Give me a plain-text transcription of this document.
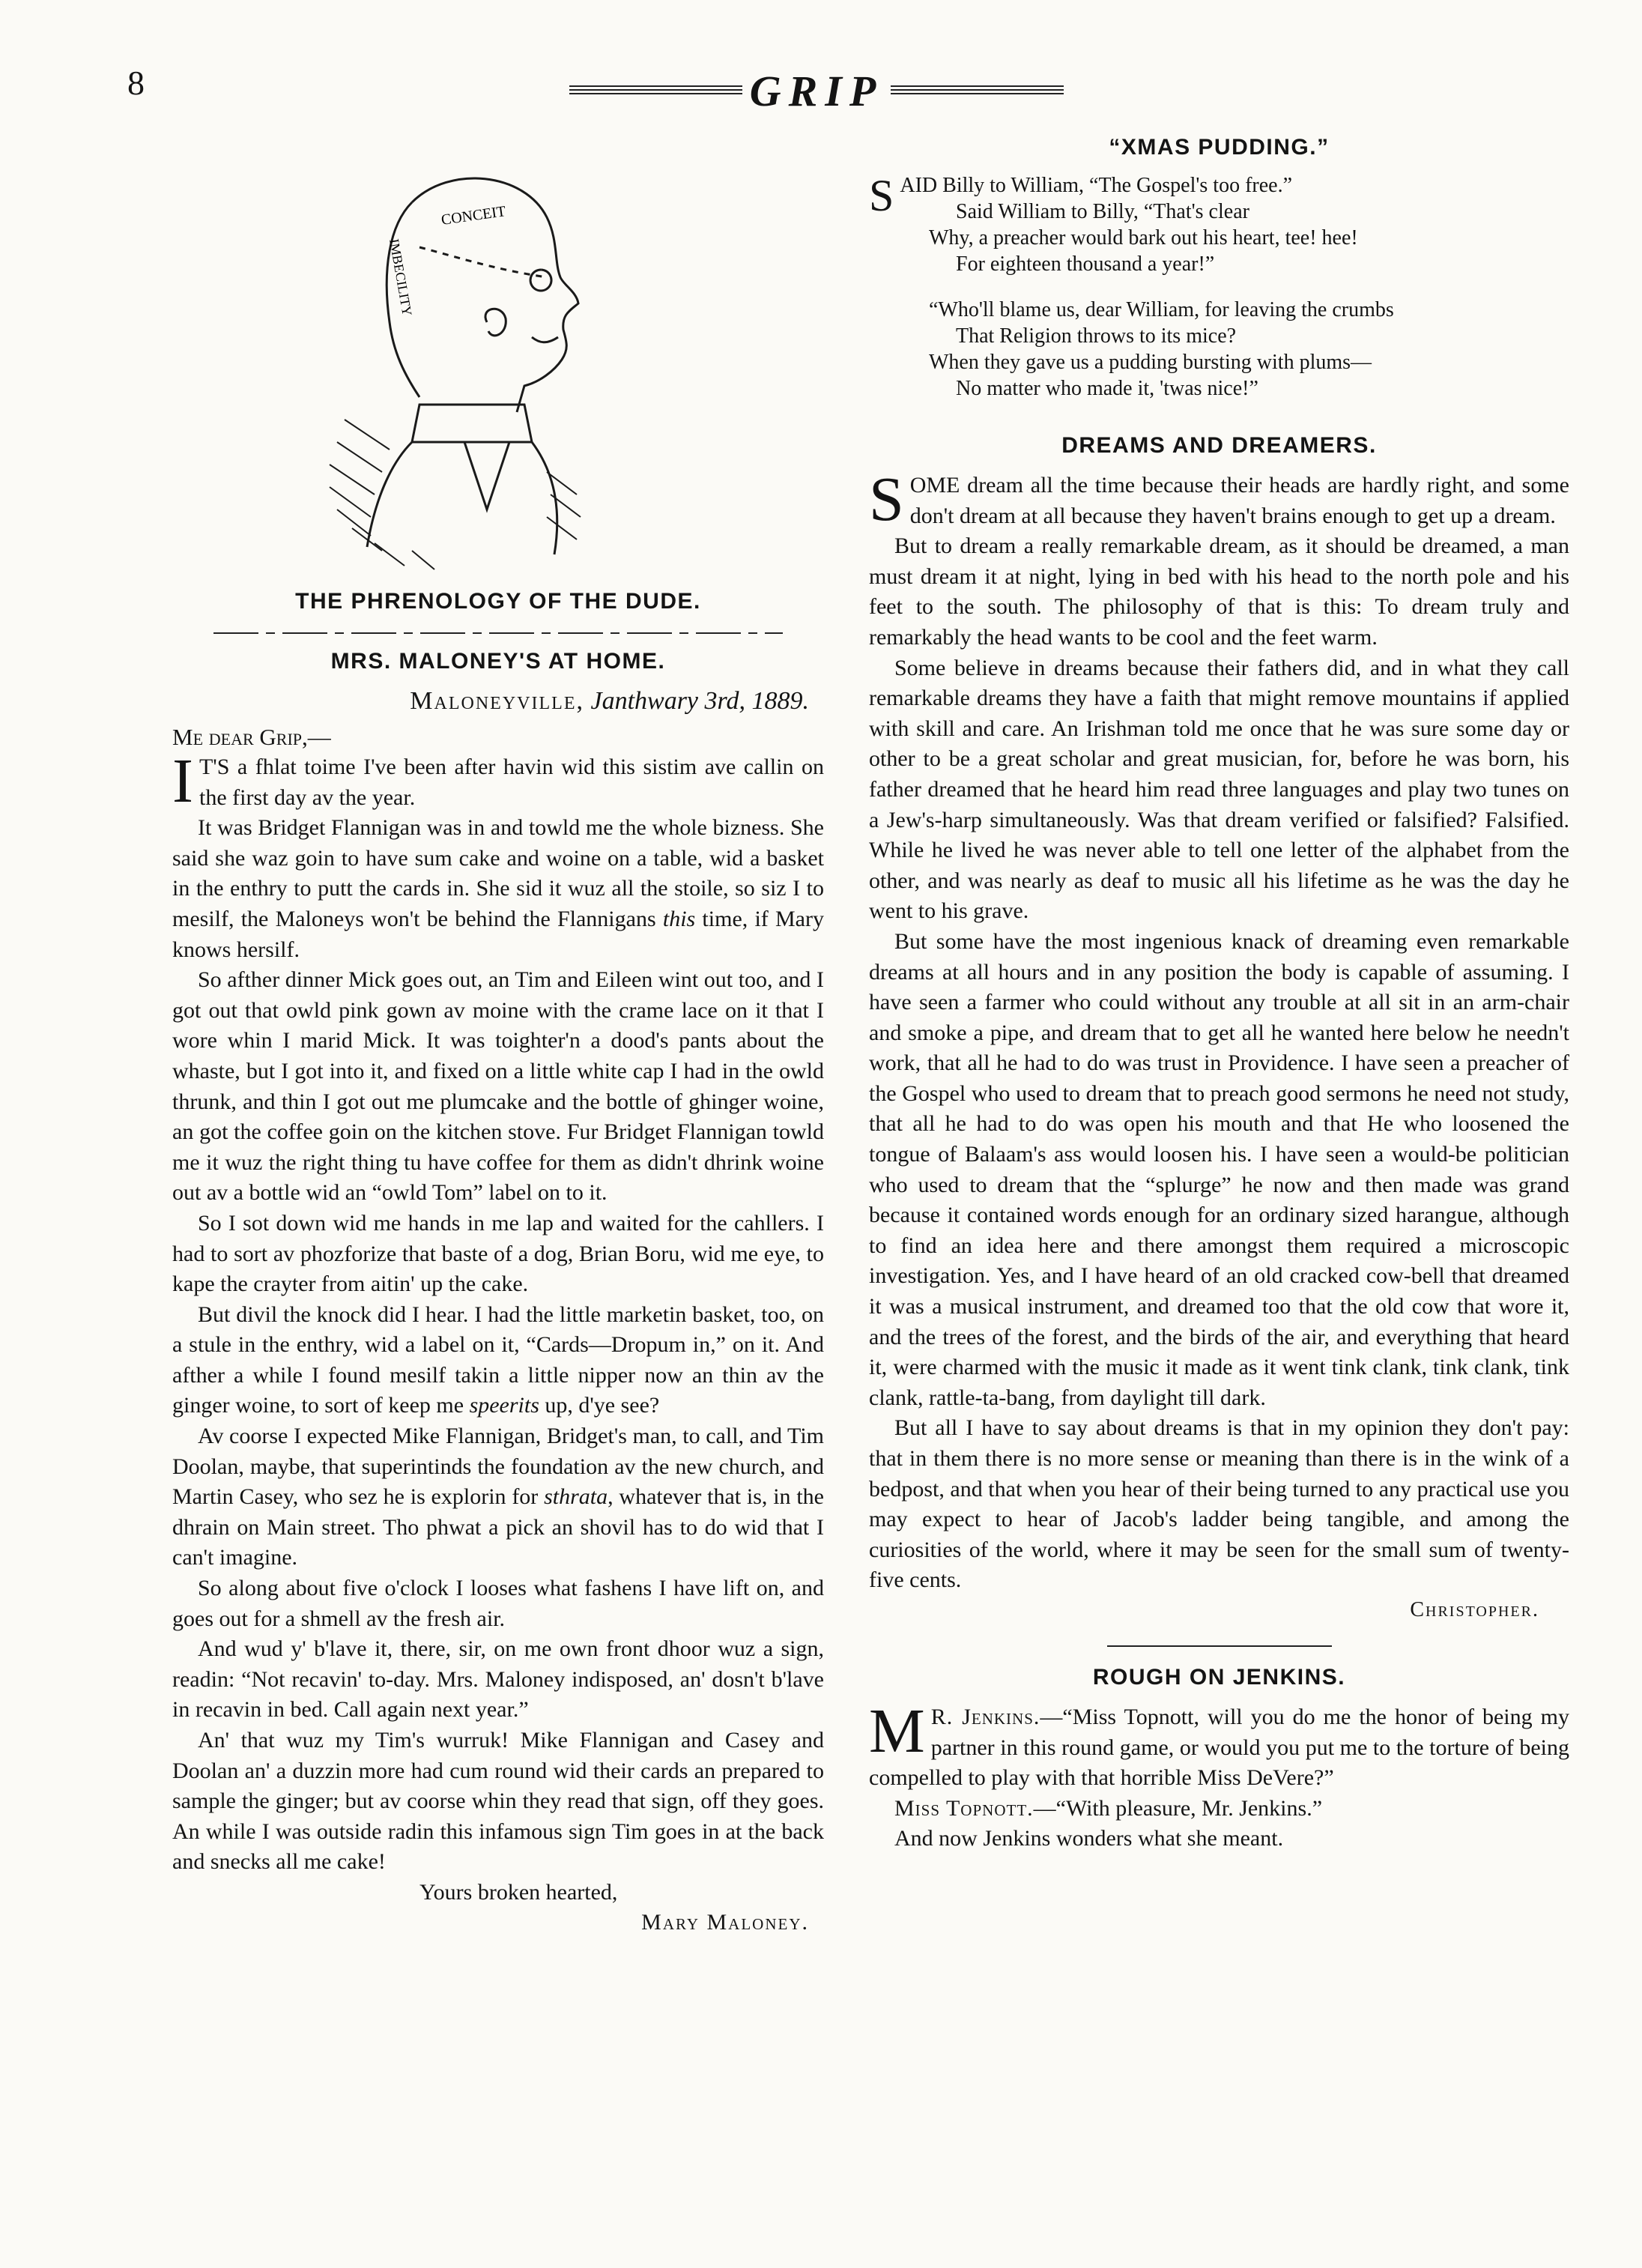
8	GRIP
CONCEIT
IMBECILITY
THE PHRENOLOGY OF THE DUDE.
MRS. MALONEY'S AT HOME.
Maloneyville, Janthwary 3rd, 1889.
Me dear Grip,—

I T'S a fhlat toime I've been after havin wid this sistim ave callin on the first day av the year.

It was Bridget Flannigan was in and towld me the whole bizness. She said she waz goin to have sum cake and woine on a table, wid a basket in the enthry to putt the cards in. She sid it wuz all the stoile, so siz I to mesilf, the Maloneys won't be behind the Flannigans this time, if Mary knows hersilf.

So afther dinner Mick goes out, an Tim and Eileen wint out too, and I got out that owld pink gown av moine with the crame lace on it that I wore whin I marid Mick. It was toighter'n a dood's pants about the whaste, but I got into it, and fixed on a little white cap I had in the owld thrunk, and thin I got out me plumcake and the bottle of ghinger woine, an got the coffee goin on the kitchen stove. Fur Bridget Flannigan towld me it wuz the right thing tu have coffee for them as didn't dhrink woine out av a bottle wid an “owld Tom” label on to it.

So I sot down wid me hands in me lap and waited for the cahllers. I had to sort av phozforize that baste of a dog, Brian Boru, wid me eye, to kape the crayter from aitin' up the cake.

But divil the knock did I hear. I had the little marketin basket, too, on a stule in the enthry, wid a label on it, “Cards—Dropum in,” on it. And afther a while I found mesilf takin a little nipper now an thin av the ginger woine, to sort of keep me speerits up, d'ye see?

Av coorse I expected Mike Flannigan, Bridget's man, to call, and Tim Doolan, maybe, that superintinds the foundation av the new church, and Martin Casey, who sez he is explorin for sthrata, whatever that is, in the dhrain on Main street. Tho phwat a pick an shovil has to do wid that I can't imagine.

So along about five o'clock I looses what fashens I have lift on, and goes out for a shmell av the fresh air.

And wud y' b'lave it, there, sir, on me own front dhoor wuz a sign, readin: “Not recavin' to-day. Mrs. Maloney indisposed, an' dosn't b'lave in recavin in bed. Call again next year.”

An' that wuz my Tim's wurruk! Mike Flannigan and Casey and Doolan an' a duzzin more had cum round wid their cards an prepared to sample the ginger; but av coorse whin they read that sign, off they goes. An while I was outside radin this infamous sign Tim goes in at the back and snecks all me cake!

Yours broken hearted,
Mary Maloney.
“XMAS PUDDING.”

SAID Billy to William, “The Gospel's too free.”

Said William to Billy, “That's clear

Why, a preacher would bark out his heart, tee! hee!

For eighteen thousand a year!”

“Who'll blame us, dear William, for leaving the crumbs

That Religion throws to its mice?

When they gave us a pudding bursting with plums—

No matter who made it, 'twas nice!”

DREAMS AND DREAMERS.

SOME dream all the time because their heads are hardly right, and some don't dream at all because they haven't brains enough to get up a dream.

But to dream a really remarkable dream, as it should be dreamed, a man must dream it at night, lying in bed with his head to the north pole and his feet to the south. The philosophy of that is this: To dream truly and remarkably the head wants to be cool and the feet warm.

Some believe in dreams because their fathers did, and in what they call remarkable dreams they have a faith that might remove mountains if applied with skill and care. An Irishman told me once that he was sure some day or other to be a great scholar and great musician, for, before he was born, his father dreamed that he heard him read three languages and play two tunes on a Jew's-harp simultaneously. Was that dream verified or falsified? Falsified. While he lived he was never able to tell one letter of the alphabet from the other, and was nearly as deaf to music all his lifetime as he was the day he went to his grave.

But some have the most ingenious knack of dreaming even remarkable dreams at all hours and in any position the body is capable of assuming. I have seen a farmer who could without any trouble at all sit in an arm-chair and smoke a pipe, and dream that to get all he wanted here below he needn't work, that all he had to do was trust in Providence. I have seen a preacher of the Gospel who used to dream that to preach good sermons he need not study, that all he had to do was open his mouth and that He who loosened the tongue of Balaam's ass would loosen his. I have seen a would-be politician who used to dream that the “splurge” he now and then made was grand because it contained words enough for an ordinary sized harangue, although to find an idea here and there amongst them required a microscopic investigation. Yes, and I have heard of an old cracked cow-bell that dreamed it was a musical instrument, and dreamed too that the old cow that wore it, and the trees of the forest, and the birds of the air, and everything that heard it, were charmed with the music it made as it went tink clank, tink clank, tink clank, rattle-ta-bang, from daylight till dark.

But all I have to say about dreams is that in my opinion they don't pay: that in them there is no more sense or meaning than there is in the wink of a bedpost, and that when you hear of their being turned to any practical use you may expect to hear of Jacob's ladder being tangible, and among the curiosities of the world, where it may be seen for the small sum of twenty-five cents.

Christopher.
ROUGH ON JENKINS.

M R. Jenkins.—“Miss Topnott, will you do me the honor of being my partner in this round game, or would you put me to the torture of being compelled to play with that horrible Miss DeVere?”

Miss Topnott.—“With pleasure, Mr. Jenkins.”

And now Jenkins wonders what she meant.
